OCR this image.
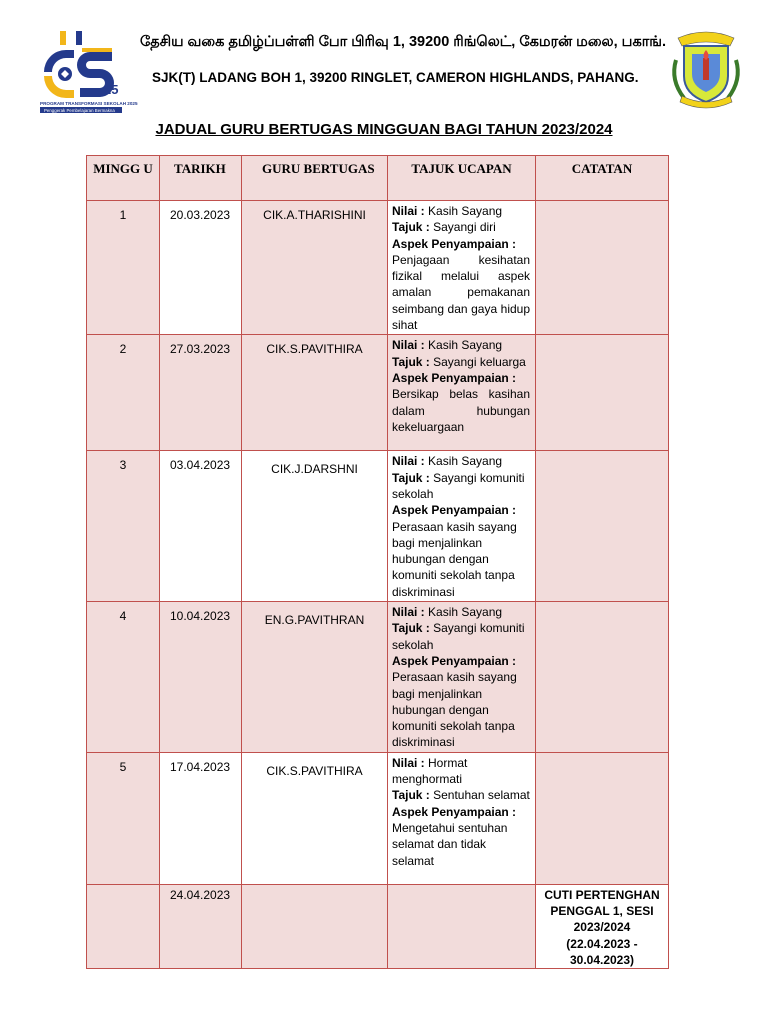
25
PROGRAM TRANSFORMASI SEKOLAH 2025
Penggerak Pembelajaran Bermakna
தேசிய வகை தமிழ்ப்பள்ளி போ பிரிவு 1, 39200 ரிங்லெட், கேமரன் மலை, பகாங்.
SJK(T) LADANG BOH 1, 39200 RINGLET, CAMERON HIGHLANDS, PAHANG.
JADUAL GURU BERTUGAS MINGGUAN BAGI TAHUN 2023/2024
MINGG U	TARIKH	GURU BERTUGAS	TAJUK UCAPAN	CATATAN
1	20.03.2023	CIK.A.THARISHINI	Nilai : Kasih Sayang
Tajuk : Sayangi diri
Aspek Penyampaian :
Penjagaan kesihatan fizikal melalui aspek amalan pemakanan seimbang dan gaya hidup sihat	
2	27.03.2023	CIK.S.PAVITHIRA	Nilai : Kasih Sayang
Tajuk : Sayangi keluarga
Aspek Penyampaian :
Bersikap belas kasihan dalam hubungan kekeluargaan	
3	03.04.2023	CIK.J.DARSHNI	Nilai : Kasih Sayang
Tajuk : Sayangi komuniti sekolah
Aspek Penyampaian :
Perasaan kasih sayang bagi menjalinkan hubungan dengan komuniti sekolah tanpa diskriminasi	
4	10.04.2023	EN.G.PAVITHRAN	Nilai : Kasih Sayang
Tajuk : Sayangi komuniti sekolah
Aspek Penyampaian :
Perasaan kasih sayang bagi menjalinkan hubungan dengan komuniti sekolah tanpa diskriminasi	
5	17.04.2023	CIK.S.PAVITHIRA	Nilai : Hormat menghormati
Tajuk : Sentuhan selamat
Aspek Penyampaian :
Mengetahui sentuhan selamat dan tidak selamat	
	24.04.2023			CUTI PERTENGHAN PENGGAL 1, SESI 2023/2024 (22.04.2023 - 30.04.2023)
